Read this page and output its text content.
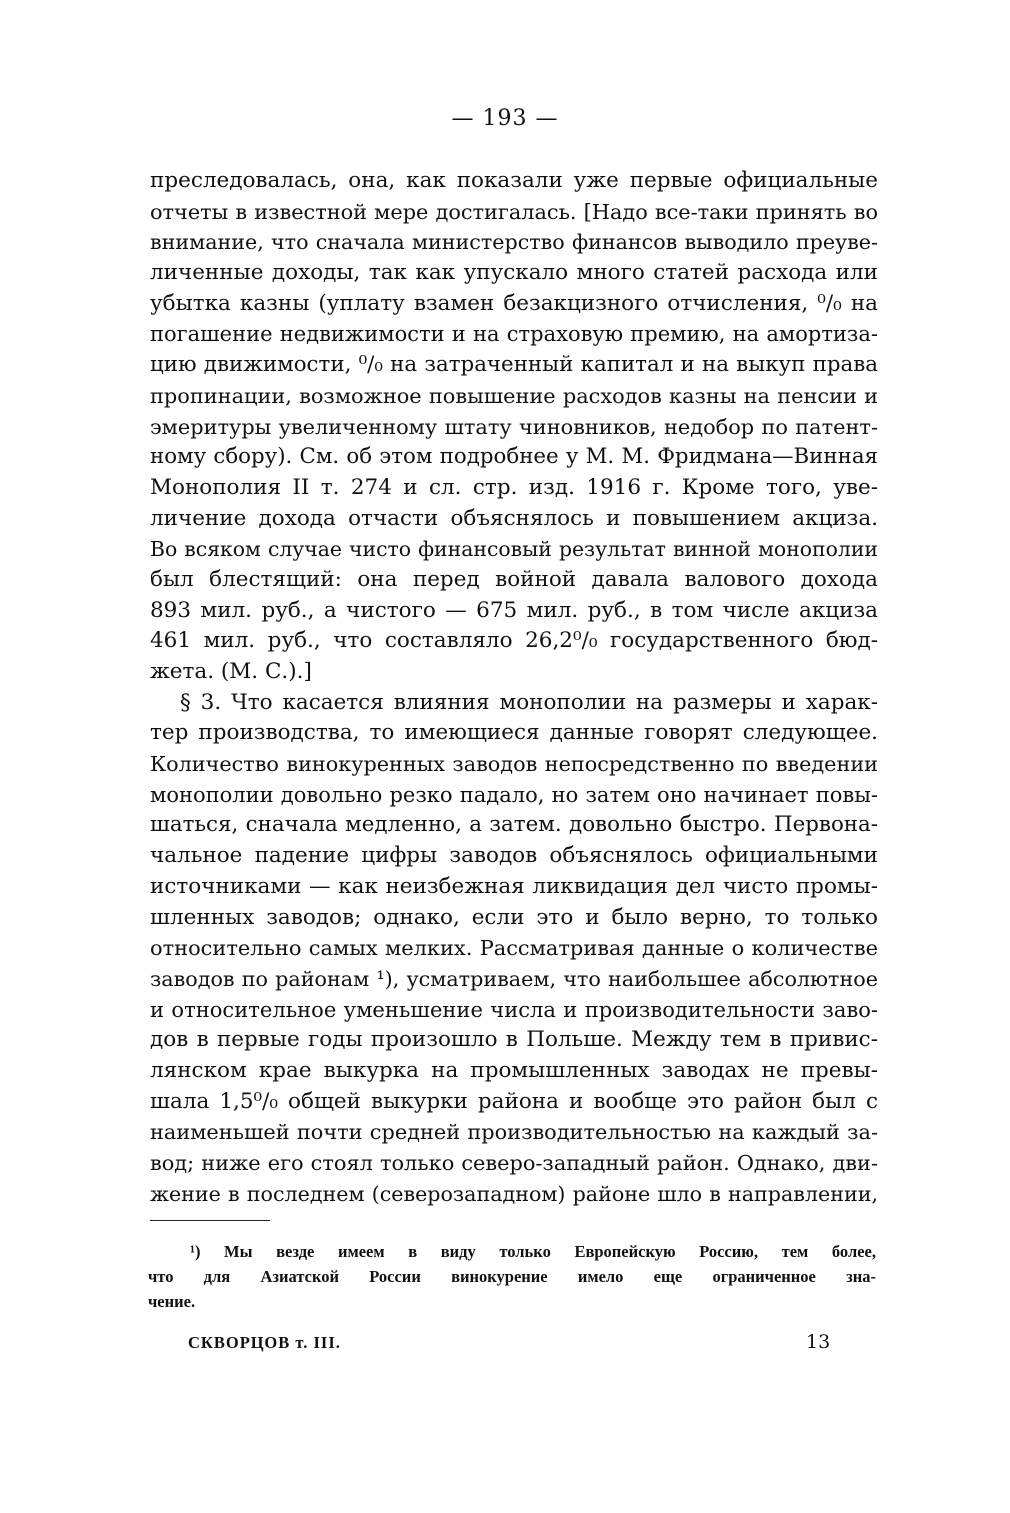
— 193 —
преследовалась, она, как показали уже первые официальные
отчеты в известной мере достигалась. [Надо все-таки принять во
внимание, что сначала министерство финансов выводило преуве-
личенные доходы, так как упускало много статей расхода или
убытка казны (уплату взамен безакцизного отчисления, ⁰/₀ на
погашение недвижимости и на страховую премию, на амортиза-
цию движимости, ⁰/₀ на затраченный капитал и на выкуп права
пропинации, возможное повышение расходов казны на пенсии и
эмеритуры увеличенному штату чиновников, недобор по патент-
ному сбору). См. об этом подробнее у М. М. Фридмана—Винная
Монополия II т. 274 и сл. стр. изд. 1916 г. Кроме того, уве-
личение дохода отчасти объяснялось и повышением акциза.
Во всяком случае чисто финансовый результат винной монополии
был блестящий: она перед войной давала валового дохода
893 мил. руб., а чистого — 675 мил. руб., в том числе акциза
461 мил. руб., что составляло 26,2⁰/₀ государственного бюд-
жета. (М. С.).]
§ 3. Что касается влияния монополии на размеры и харак-
тер производства, то имеющиеся данные говорят следующее.
Количество винокуренных заводов непосредственно по введении
монополии довольно резко падало, но затем оно начинает повы-
шаться, сначала медленно, а затем. довольно быстро. Первона-
чальное падение цифры заводов объяснялось официальными
источниками — как неизбежная ликвидация дел чисто промы-
шленных заводов; однако, если это и было верно, то только
относительно самых мелких. Рассматривая данные о количестве
заводов по районам ¹), усматриваем, что наибольшее абсолютное
и относительное уменьшение числа и производительности заво-
дов в первые годы произошло в Польше. Между тем в привис-
лянском крае выкурка на промышленных заводах не превы-
шала 1,5⁰/₀ общей выкурки района и вообще это район был с
наименьшей почти средней производительностью на каждый за-
вод; ниже его стоял только северо-западный район. Однако, дви-
жение в последнем (северозападном) районе шло в направлении,
¹) Мы везде имеем в виду только Европейскую Россию, тем более,
что для Азиатской России винокурение имело еще ограниченное зна-
чение.
СКВОРЦОВ т. III.	13
